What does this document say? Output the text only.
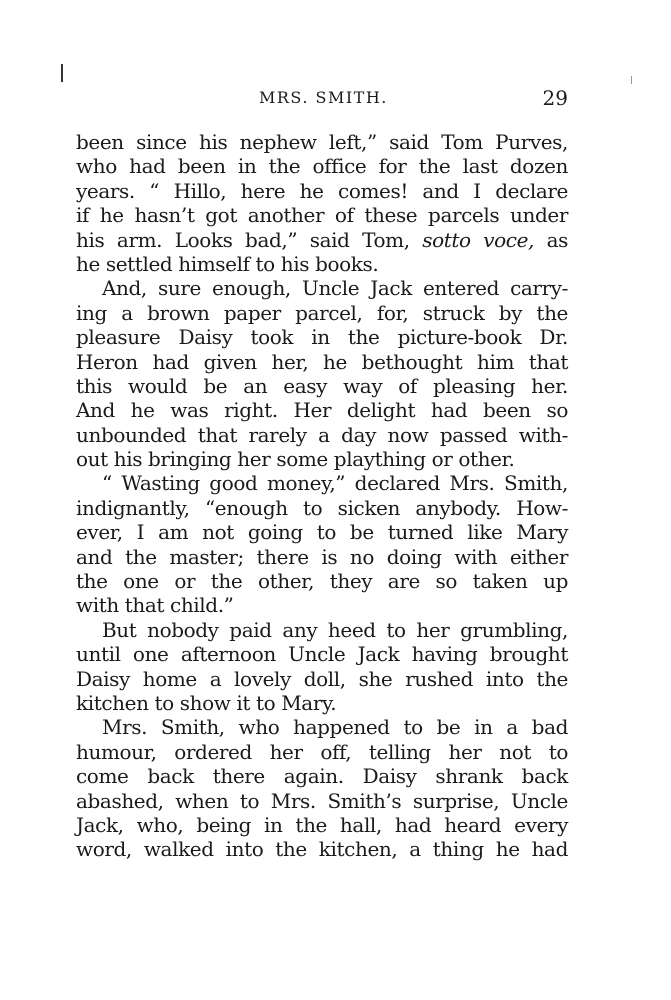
MRS. SMITH.	29
been since his nephew left,” said Tom Purves,
who had been in the office for the last dozen
years. “ Hillo, here he comes! and I declare
if he hasn’t got another of these parcels under
his arm. Looks bad,” said Tom, sotto voce, as
he settled himself to his books.
And, sure enough, Uncle Jack entered carry-
ing a brown paper parcel, for, struck by the
pleasure Daisy took in the picture-book Dr.
Heron had given her, he bethought him that
this would be an easy way of pleasing her.
And he was right. Her delight had been so
unbounded that rarely a day now passed with-
out his bringing her some plaything or other.
“ Wasting good money,” declared Mrs. Smith,
indignantly, “enough to sicken anybody. How-
ever, I am not going to be turned like Mary
and the master; there is no doing with either
the one or the other, they are so taken up
with that child.”
But nobody paid any heed to her grumbling,
until one afternoon Uncle Jack having brought
Daisy home a lovely doll, she rushed into the
kitchen to show it to Mary.
Mrs. Smith, who happened to be in a bad
humour, ordered her off, telling her not to
come back there again. Daisy shrank back
abashed, when to Mrs. Smith’s surprise, Uncle
Jack, who, being in the hall, had heard every
word, walked into the kitchen, a thing he had
